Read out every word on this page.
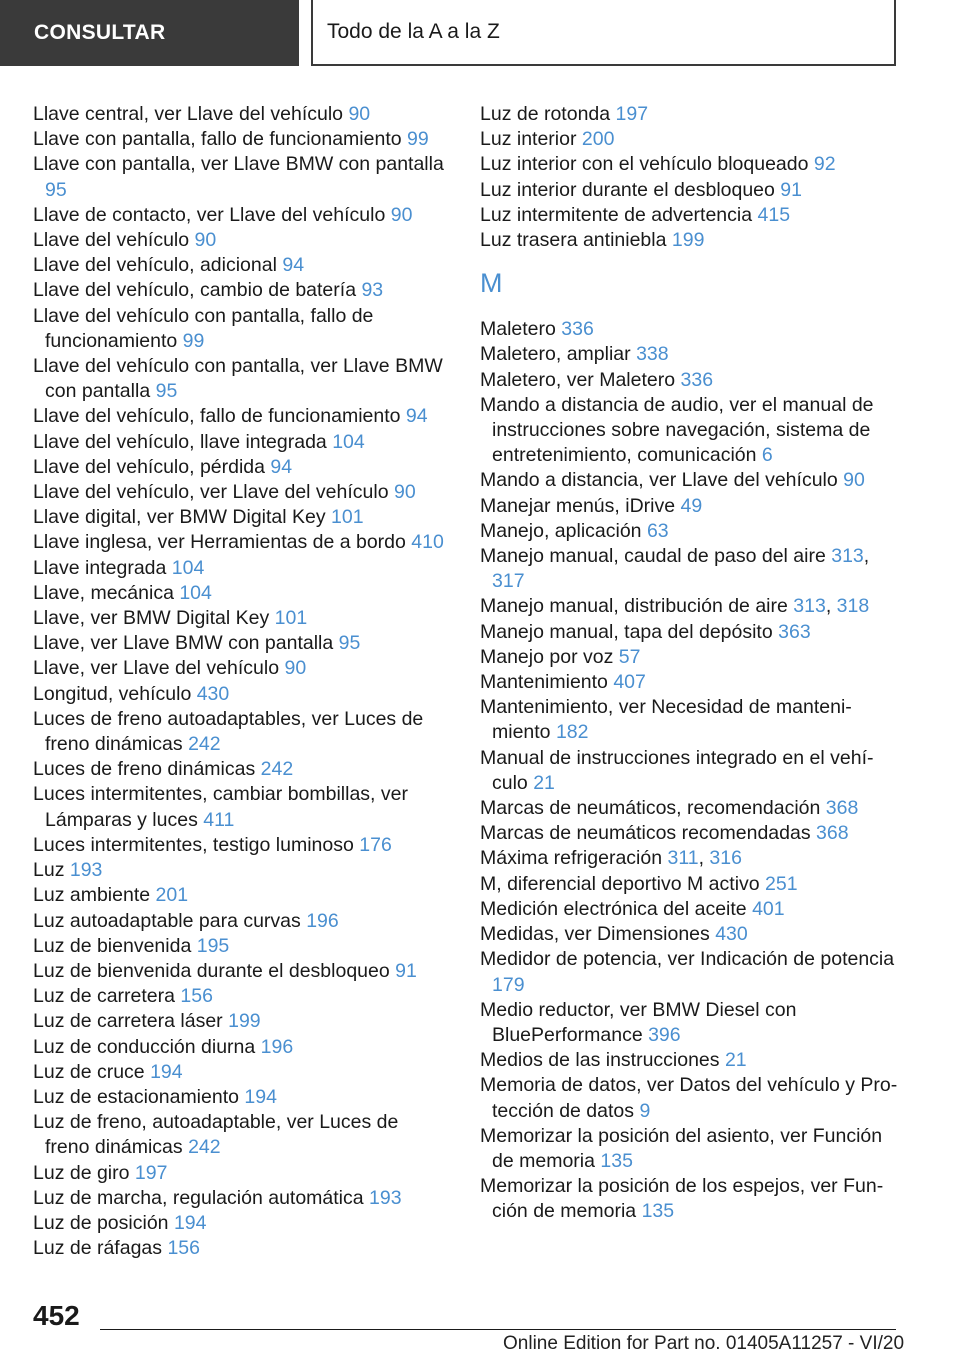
CONSULTAR	Todo de la A a la Z
Llave central, ver Llave del vehículo 90
Llave con pantalla, fallo de funcionamiento 99
Llave con pantalla, ver Llave BMW con pantalla 95
Llave de contacto, ver Llave del vehículo 90
Llave del vehículo 90
Llave del vehículo, adicional 94
Llave del vehículo, cambio de batería 93
Llave del vehículo con pantalla, fallo de funcionamiento 99
Llave del vehículo con pantalla, ver Llave BMW con pantalla 95
Llave del vehículo, fallo de funcionamiento 94
Llave del vehículo, llave integrada 104
Llave del vehículo, pérdida 94
Llave del vehículo, ver Llave del vehículo 90
Llave digital, ver BMW Digital Key 101
Llave inglesa, ver Herramientas de a bordo 410
Llave integrada 104
Llave, mecánica 104
Llave, ver BMW Digital Key 101
Llave, ver Llave BMW con pantalla 95
Llave, ver Llave del vehículo 90
Longitud, vehículo 430
Luces de freno autoadaptables, ver Luces de freno dinámicas 242
Luces de freno dinámicas 242
Luces intermitentes, cambiar bombillas, ver Lámparas y luces 411
Luces intermitentes, testigo luminoso 176
Luz 193
Luz ambiente 201
Luz autoadaptable para curvas 196
Luz de bienvenida 195
Luz de bienvenida durante el desbloqueo 91
Luz de carretera 156
Luz de carretera láser 199
Luz de conducción diurna 196
Luz de cruce 194
Luz de estacionamiento 194
Luz de freno, autoadaptable, ver Luces de freno dinámicas 242
Luz de giro 197
Luz de marcha, regulación automática 193
Luz de posición 194
Luz de ráfagas 156
Luz de rotonda 197
Luz interior 200
Luz interior con el vehículo bloqueado 92
Luz interior durante el desbloqueo 91
Luz intermitente de advertencia 415
Luz trasera antiniebla 199
M
Maletero 336
Maletero, ampliar 338
Maletero, ver Maletero 336
Mando a distancia de audio, ver el manual de instrucciones sobre navegación, sistema de entretenimiento, comunicación 6
Mando a distancia, ver Llave del vehículo 90
Manejar menús, iDrive 49
Manejo, aplicación 63
Manejo manual, caudal de paso del aire 313, 317
Manejo manual, distribución de aire 313, 318
Manejo manual, tapa del depósito 363
Manejo por voz 57
Mantenimiento 407
Mantenimiento, ver Necesidad de mantenimiento 182
Manual de instrucciones integrado en el vehículo 21
Marcas de neumáticos, recomendación 368
Marcas de neumáticos recomendadas 368
Máxima refrigeración 311, 316
M, diferencial deportivo M activo 251
Medición electrónica del aceite 401
Medidas, ver Dimensiones 430
Medidor de potencia, ver Indicación de potencia 179
Medio reductor, ver BMW Diesel con BluePerformance 396
Medios de las instrucciones 21
Memoria de datos, ver Datos del vehículo y Protección de datos 9
Memorizar la posición del asiento, ver Función de memoria 135
Memorizar la posición de los espejos, ver Función de memoria 135
452
Online Edition for Part no. 01405A11257 - VI/20
